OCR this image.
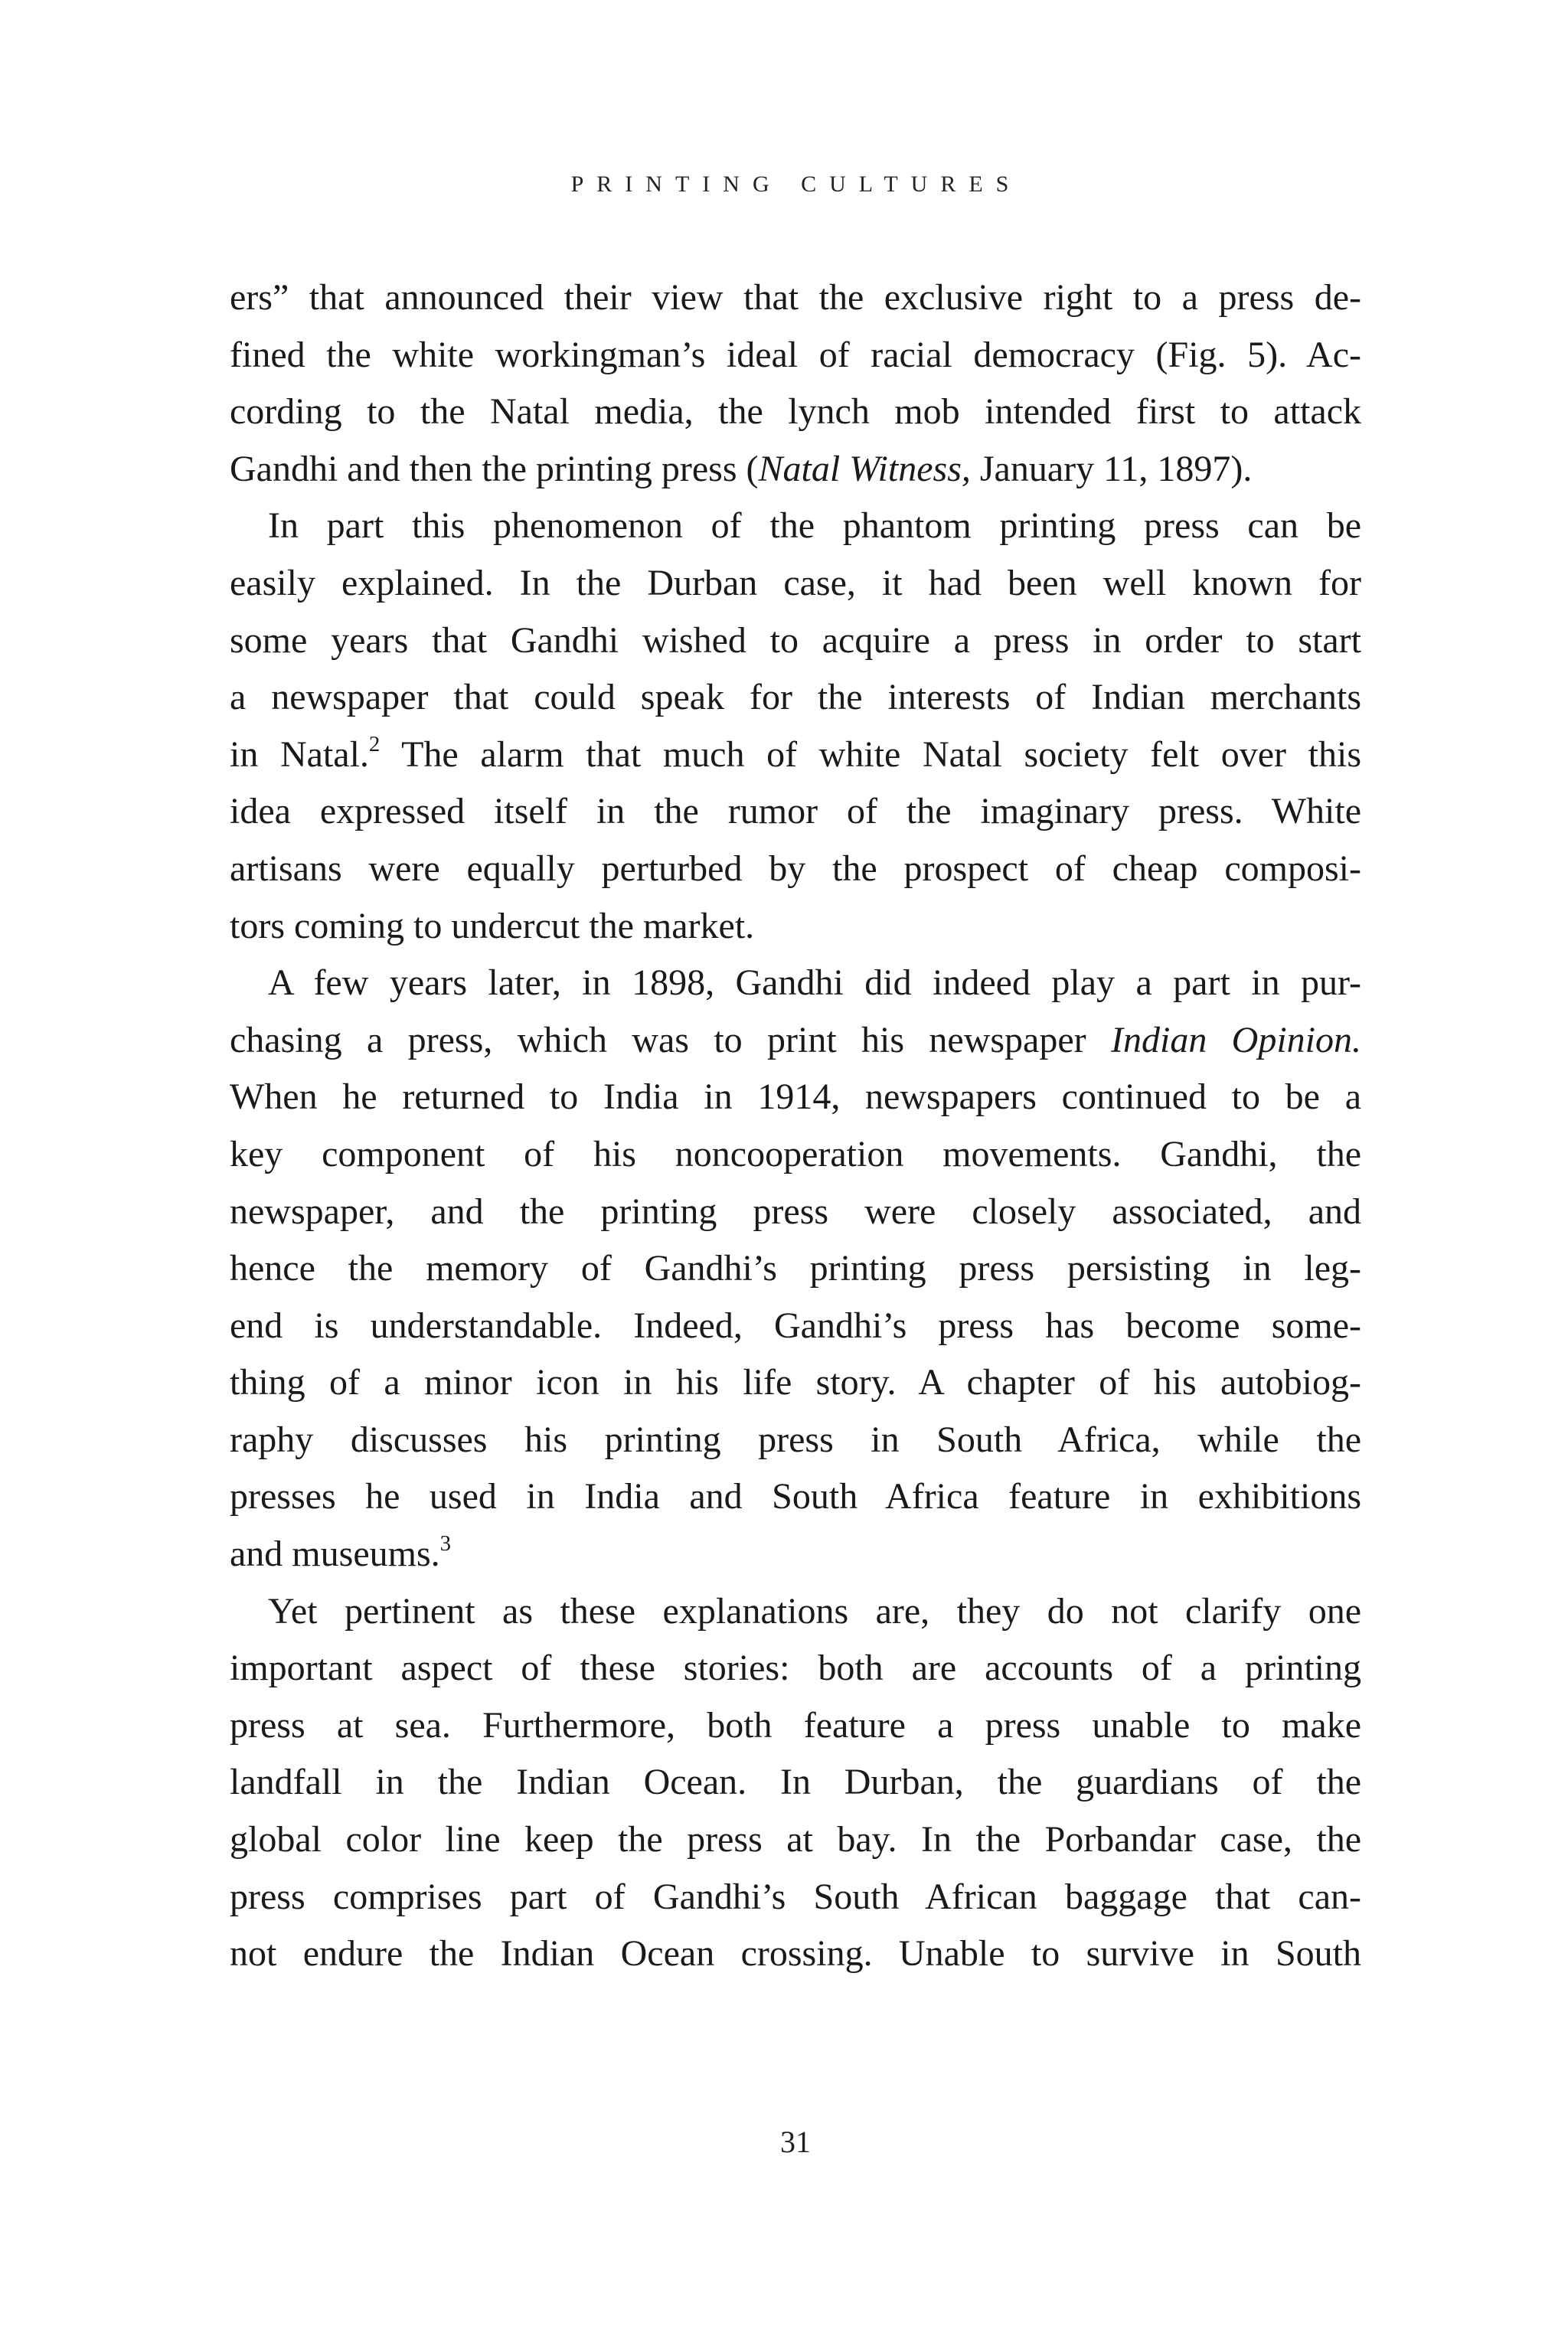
PRINTING CULTURES
ers” that announced their view that the exclusive right to a press de-
fined the white workingman’s ideal of racial democracy (Fig. 5). Ac-
cording to the Natal media, the lynch mob intended first to attack
Gandhi and then the printing press (Natal Witness, January 11, 1897).
In part this phenomenon of the phantom printing press can be
easily explained. In the Durban case, it had been well known for
some years that Gandhi wished to acquire a press in order to start
a newspaper that could speak for the interests of Indian merchants
in Natal.$^2$ The alarm that much of white Natal society felt over this
idea expressed itself in the rumor of the imaginary press. White
artisans were equally perturbed by the prospect of cheap composi-
tors coming to undercut the market.
A few years later, in 1898, Gandhi did indeed play a part in pur-
chasing a press, which was to print his newspaper Indian Opinion.
When he returned to India in 1914, newspapers continued to be a
key component of his noncooperation movements. Gandhi, the
newspaper, and the printing press were closely associated, and
hence the memory of Gandhi’s printing press persisting in leg-
end is understandable. Indeed, Gandhi’s press has become some-
thing of a minor icon in his life story. A chapter of his autobiog-
raphy discusses his printing press in South Africa, while the
presses he used in India and South Africa feature in exhibitions
and museums.$^3$
Yet pertinent as these explanations are, they do not clarify one
important aspect of these stories: both are accounts of a printing
press at sea. Furthermore, both feature a press unable to make
landfall in the Indian Ocean. In Durban, the guardians of the
global color line keep the press at bay. In the Porbandar case, the
press comprises part of Gandhi’s South African baggage that can-
not endure the Indian Ocean crossing. Unable to survive in South
31
